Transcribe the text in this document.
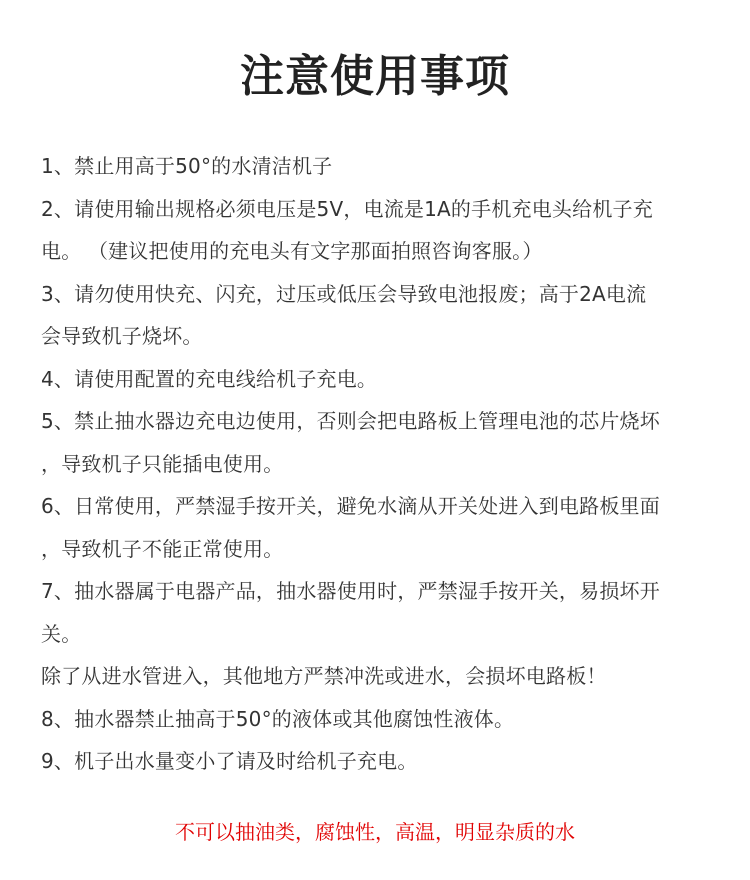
注意使用事项
1、禁止用高于50°的水清洁机子
2、请使用输出规格必须电压是5V，电流是1A的手机充电头给机子充
电。 （建议把使用的充电头有文字那面拍照咨询客服。）
3、请勿使用快充、闪充，过压或低压会导致电池报废；高于2A电流
会导致机子烧坏。
4、请使用配置的充电线给机子充电。
5、禁止抽水器边充电边使用，否则会把电路板上管理电池的芯片烧坏
，导致机子只能插电使用。
6、日常使用，严禁湿手按开关，避免水滴从开关处进入到电路板里面
，导致机子不能正常使用。
7、抽水器属于电器产品，抽水器使用时，严禁湿手按开关，易损坏开
关。
除了从进水管进入，其他地方严禁冲洗或进水，会损坏电路板！
8、抽水器禁止抽高于50°的液体或其他腐蚀性液体。
9、机子出水量变小了请及时给机子充电。
不可以抽油类，腐蚀性，高温，明显杂质的水
